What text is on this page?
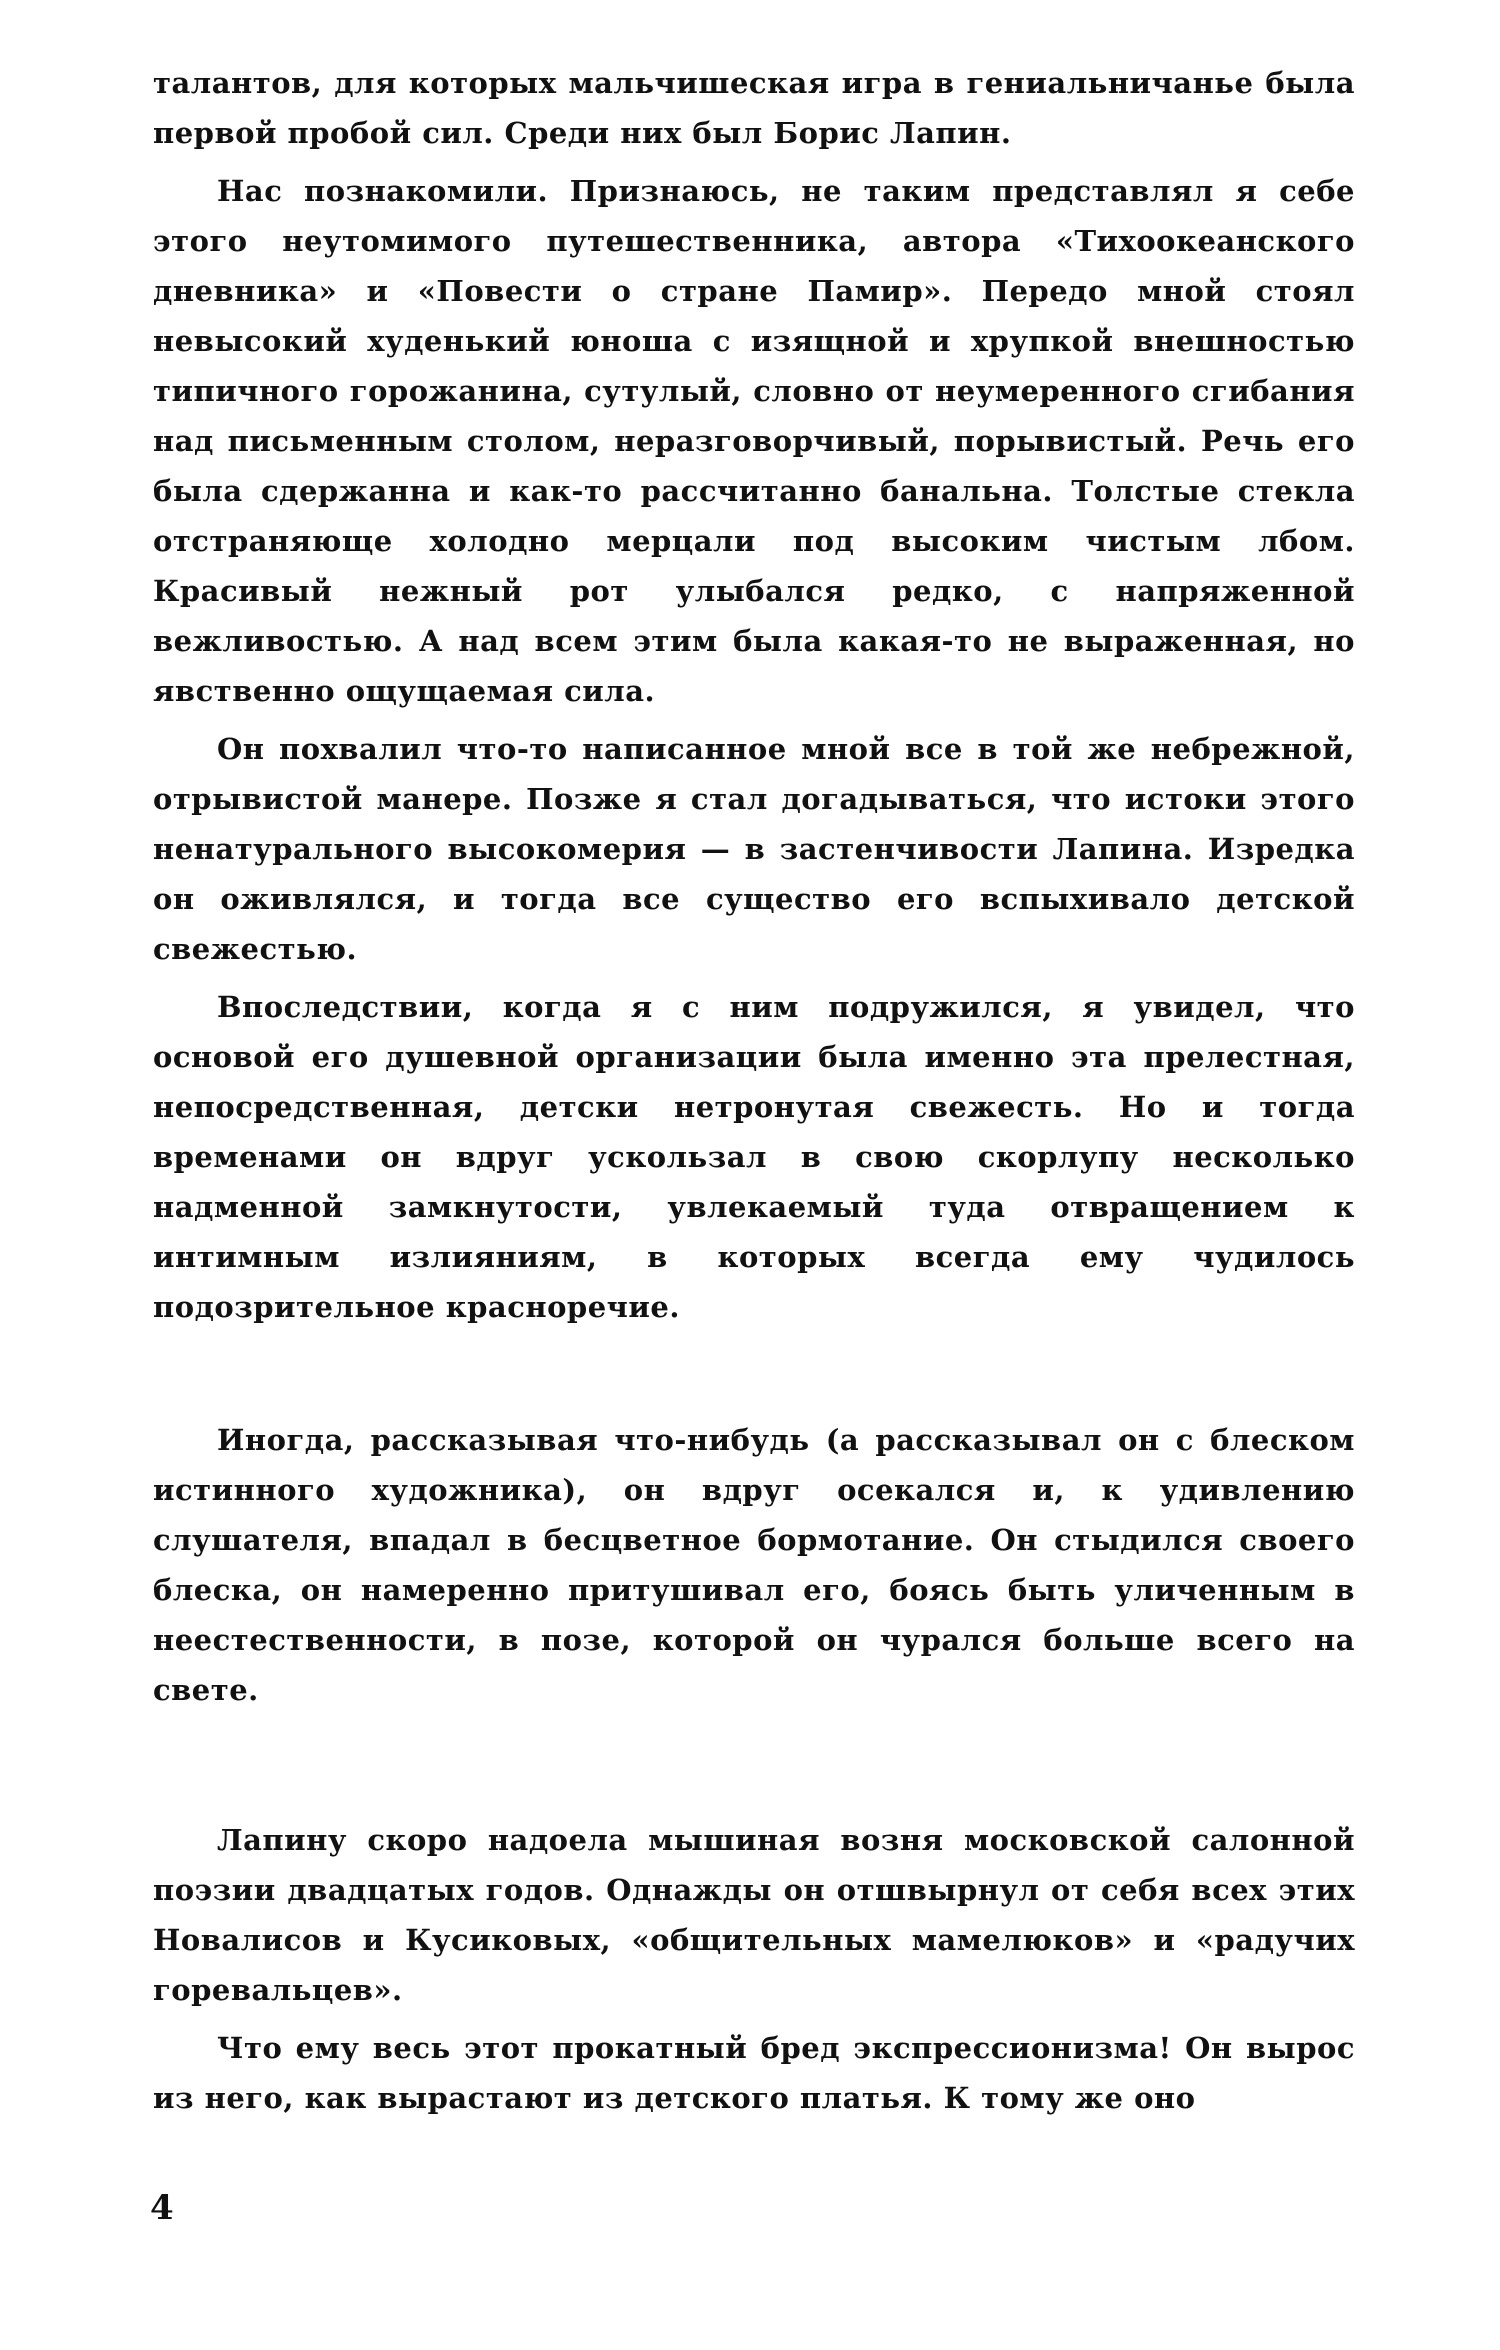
талантов, для которых мальчишеская игра в гениальничанье была первой пробой сил. Среди них был Борис Лапин.

Нас познакомили. Признаюсь, не таким представлял я себе этого неутомимого путешественника, автора «Тихоокеанского дневника» и «Повести о стране Памир». Передо мной стоял невысокий худенький юноша с изящной и хрупкой внешностью типичного горожанина, сутулый, словно от неумеренного сгибания над письменным столом, неразговорчивый, порывистый. Речь его была сдержанна и как-то рассчитанно банальна. Толстые стекла отстраняюще холодно мерцали под высоким чистым лбом. Красивый нежный рот улыбался редко, с напряженной вежливостью. А над всем этим была какая-то не выраженная, но явственно ощущаемая сила.

Он похвалил что-то написанное мной все в той же небрежной, отрывистой манере. Позже я стал догадываться, что истоки этого ненатурального высокомерия — в застенчивости Лапина. Изредка он оживлялся, и тогда все существо его вспыхивало детской свежестью.

Впоследствии, когда я с ним подружился, я увидел, что основой его душевной организации была именно эта прелестная, непосредственная, детски нетронутая свежесть. Но и тогда временами он вдруг ускользал в свою скорлупу несколько надменной замкнутости, увлекаемый туда отвращением к интимным излияниям, в которых всегда ему чудилось подозрительное красноречие.

Иногда, рассказывая что-нибудь (а рассказывал он с блеском истинного художника), он вдруг осекался и, к удивлению слушателя, впадал в бесцветное бормотание. Он стыдился своего блеска, он намеренно притушивал его, боясь быть уличенным в неестественности, в позе, которой он чурался больше всего на свете.

Лапину скоро надоела мышиная возня московской салонной поэзии двадцатых годов. Однажды он отшвырнул от себя всех этих Новалисов и Кусиковых, «общительных мамелюков» и «радучих горевальцев».

Что ему весь этот прокатный бред экспрессионизма! Он вырос из него, как вырастают из детского платья. К тому же оно

4
